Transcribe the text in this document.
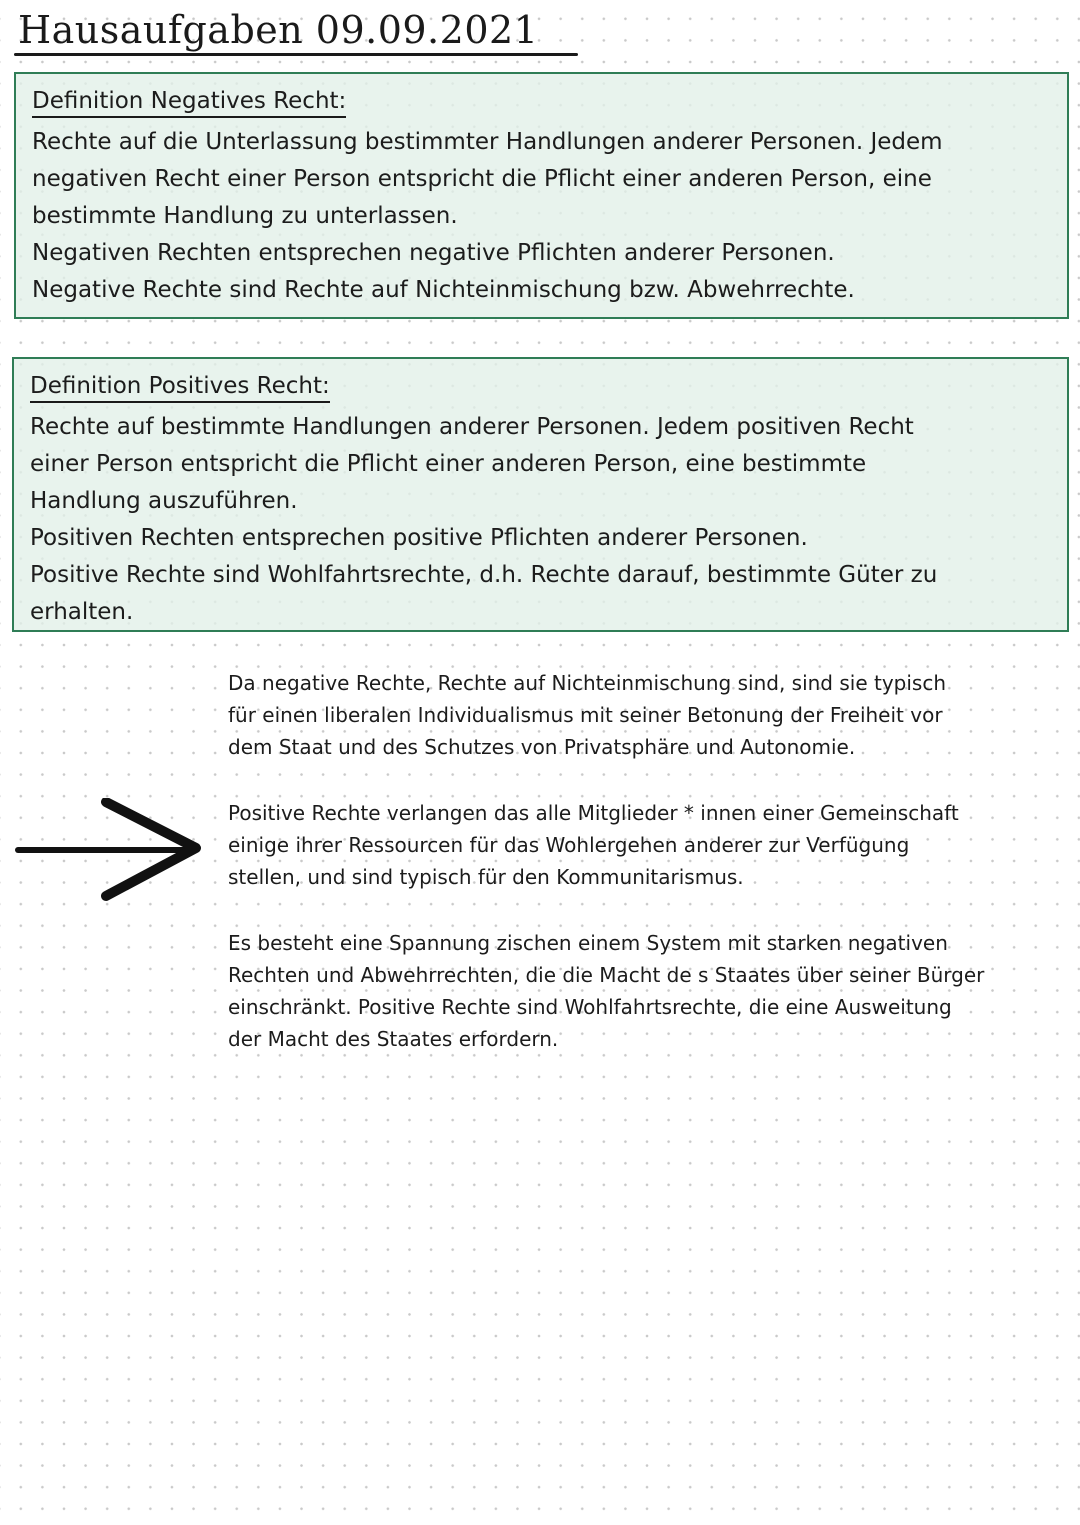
Hausaufgaben 09.09.2021
Definition Negatives Recht:
Rechte auf die Unterlassung bestimmter Handlungen anderer Personen. Jedem
negativen Recht einer Person entspricht die Pflicht einer anderen Person, eine
bestimmte Handlung zu unterlassen.
Negativen Rechten entsprechen negative Pflichten anderer Personen.
Negative Rechte sind Rechte auf Nichteinmischung bzw. Abwehrrechte.
Definition Positives Recht:
Rechte auf bestimmte Handlungen anderer Personen. Jedem positiven Recht
einer Person entspricht die Pflicht einer anderen Person, eine bestimmte
Handlung auszuführen.
Positiven Rechten entsprechen positive Pflichten anderer Personen.
Positive Rechte sind Wohlfahrtsrechte, d.h. Rechte darauf, bestimmte Güter zu
erhalten.
Da negative Rechte, Rechte auf Nichteinmischung sind, sind sie typisch
für einen liberalen Individualismus mit seiner Betonung der Freiheit vor
dem Staat und des Schutzes von Privatsphäre und Autonomie.
Positive Rechte verlangen das alle Mitglieder * innen einer Gemeinschaft
einige ihrer Ressourcen für das Wohlergehen anderer zur Verfügung
stellen, und sind typisch für den Kommunitarismus.
Es besteht eine Spannung zischen einem System mit starken negativen
Rechten und Abwehrrechten, die die Macht de s Staates über seiner Bürger
einschränkt. Positive Rechte sind Wohlfahrtsrechte, die eine Ausweitung
der Macht des Staates erfordern.
